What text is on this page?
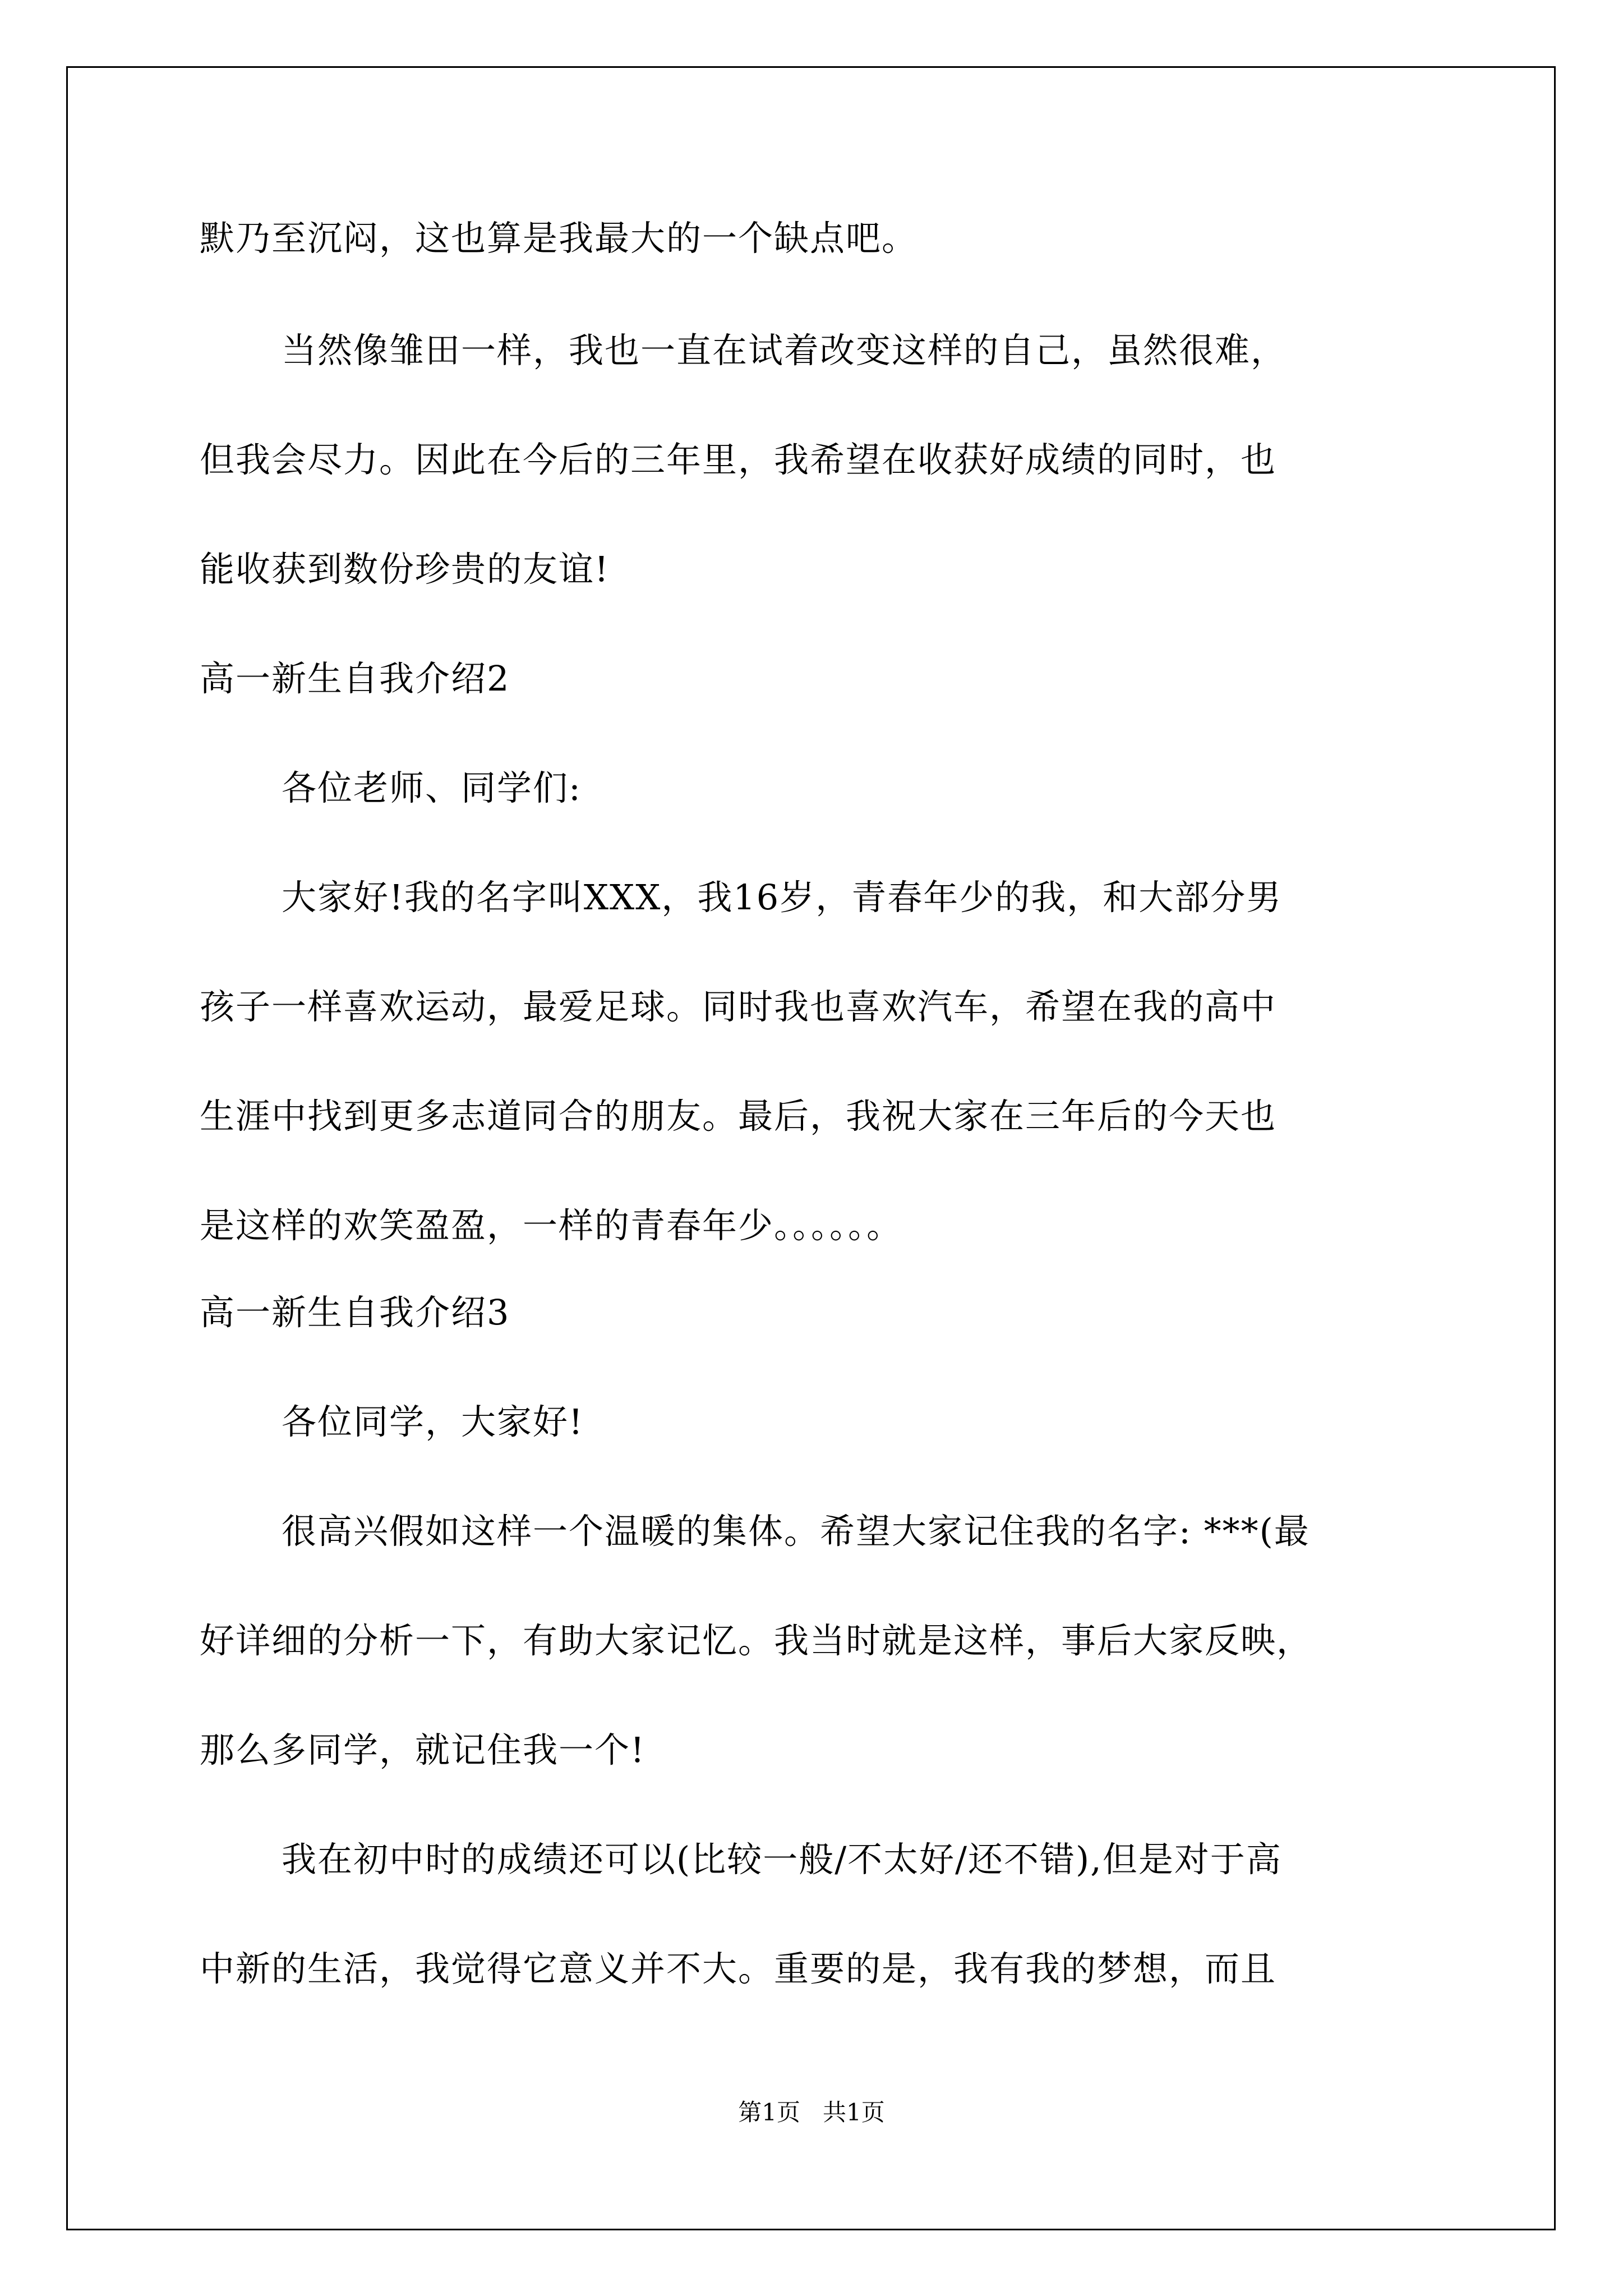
默乃至沉闷，这也算是我最大的一个缺点吧。
当然像雏田一样，我也一直在试着改变这样的自己，虽然很难，
但我会尽力。因此在今后的三年里，我希望在收获好成绩的同时，也
能收获到数份珍贵的友谊!
高一新生自我介绍2
各位老师、同学们:
大家好!我的名字叫XXX，我16岁，青春年少的我，和大部分男
孩子一样喜欢运动，最爱足球。同时我也喜欢汽车，希望在我的高中
生涯中找到更多志道同合的朋友。最后，我祝大家在三年后的今天也
是这样的欢笑盈盈，一样的青春年少。。。。。。
高一新生自我介绍3
各位同学，大家好!
很高兴假如这样一个温暖的集体。希望大家记住我的名字: ***(最
好详细的分析一下，有助大家记忆。我当时就是这样，事后大家反映，
那么多同学，就记住我一个!
我在初中时的成绩还可以(比较一般/不太好/还不错),但是对于高
中新的生活，我觉得它意义并不大。重要的是，我有我的梦想，而且
第1页   共1页
